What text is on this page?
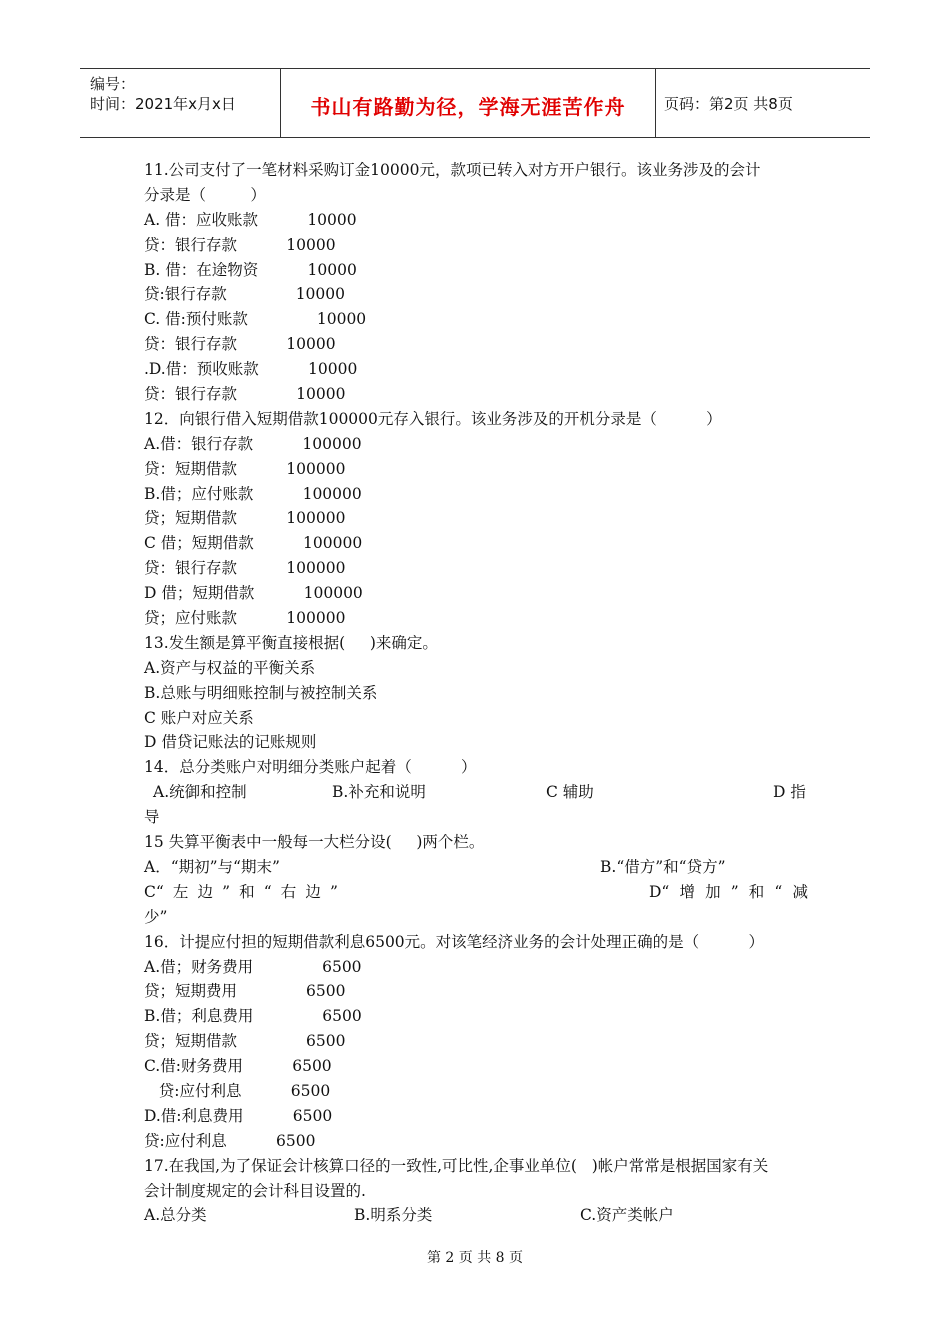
编号：
时间：2021年x月x日	书山有路勤为径，学海无涯苦作舟	页码：第2页 共8页
11.公司支付了一笔材料采购订金10000元，款项已转入对方开户银行。该业务涉及的会计
分录是（         ）
A. 借：应收账款          10000
贷：银行存款          10000
B. 借：在途物资          10000
贷:银行存款              10000
C. 借:预付账款              10000
贷：银行存款          10000
.D.借：预收账款          10000
贷：银行存款            10000
12．向银行借入短期借款100000元存入银行。该业务涉及的开机分录是（          ）
A.借：银行存款          100000
贷：短期借款          100000
B.借；应付账款          100000
贷；短期借款          100000
C 借；短期借款          100000
贷：银行存款          100000
D 借；短期借款          100000
贷；应付账款          100000
13.发生额是算平衡直接根据(     )来确定。
A.资产与权益的平衡关系
B.总账与明细账控制与被控制关系
C 账户对应关系
D 借贷记账法的记账规则
14．总分类账户对明细分类账户起着（          ）
A.统御和控制	B.补充和说明	C 辅助	D 指
导
15 失算平衡表中一般每一大栏分设(     )两个栏。
A．“期初”与“期末”	B.“借方”和“贷方”
C“ 左 边 ” 和 “ 右 边 ”	D“ 增 加 ” 和 “ 减
少”
16．计提应付担的短期借款利息6500元。对该笔经济业务的会计处理正确的是（          ）
A.借；财务费用              6500
贷；短期费用              6500
B.借；利息费用              6500
贷；短期借款              6500
C.借:财务费用          6500
贷:应付利息          6500
D.借:利息费用          6500
贷:应付利息          6500
17.在我国,为了保证会计核算口径的一致性,可比性,企事业单位(   )帐户常常是根据国家有关
会计制度规定的会计科目设置的.
A.总分类	B.明系分类	C.资产类帐户
第 2 页 共 8 页
